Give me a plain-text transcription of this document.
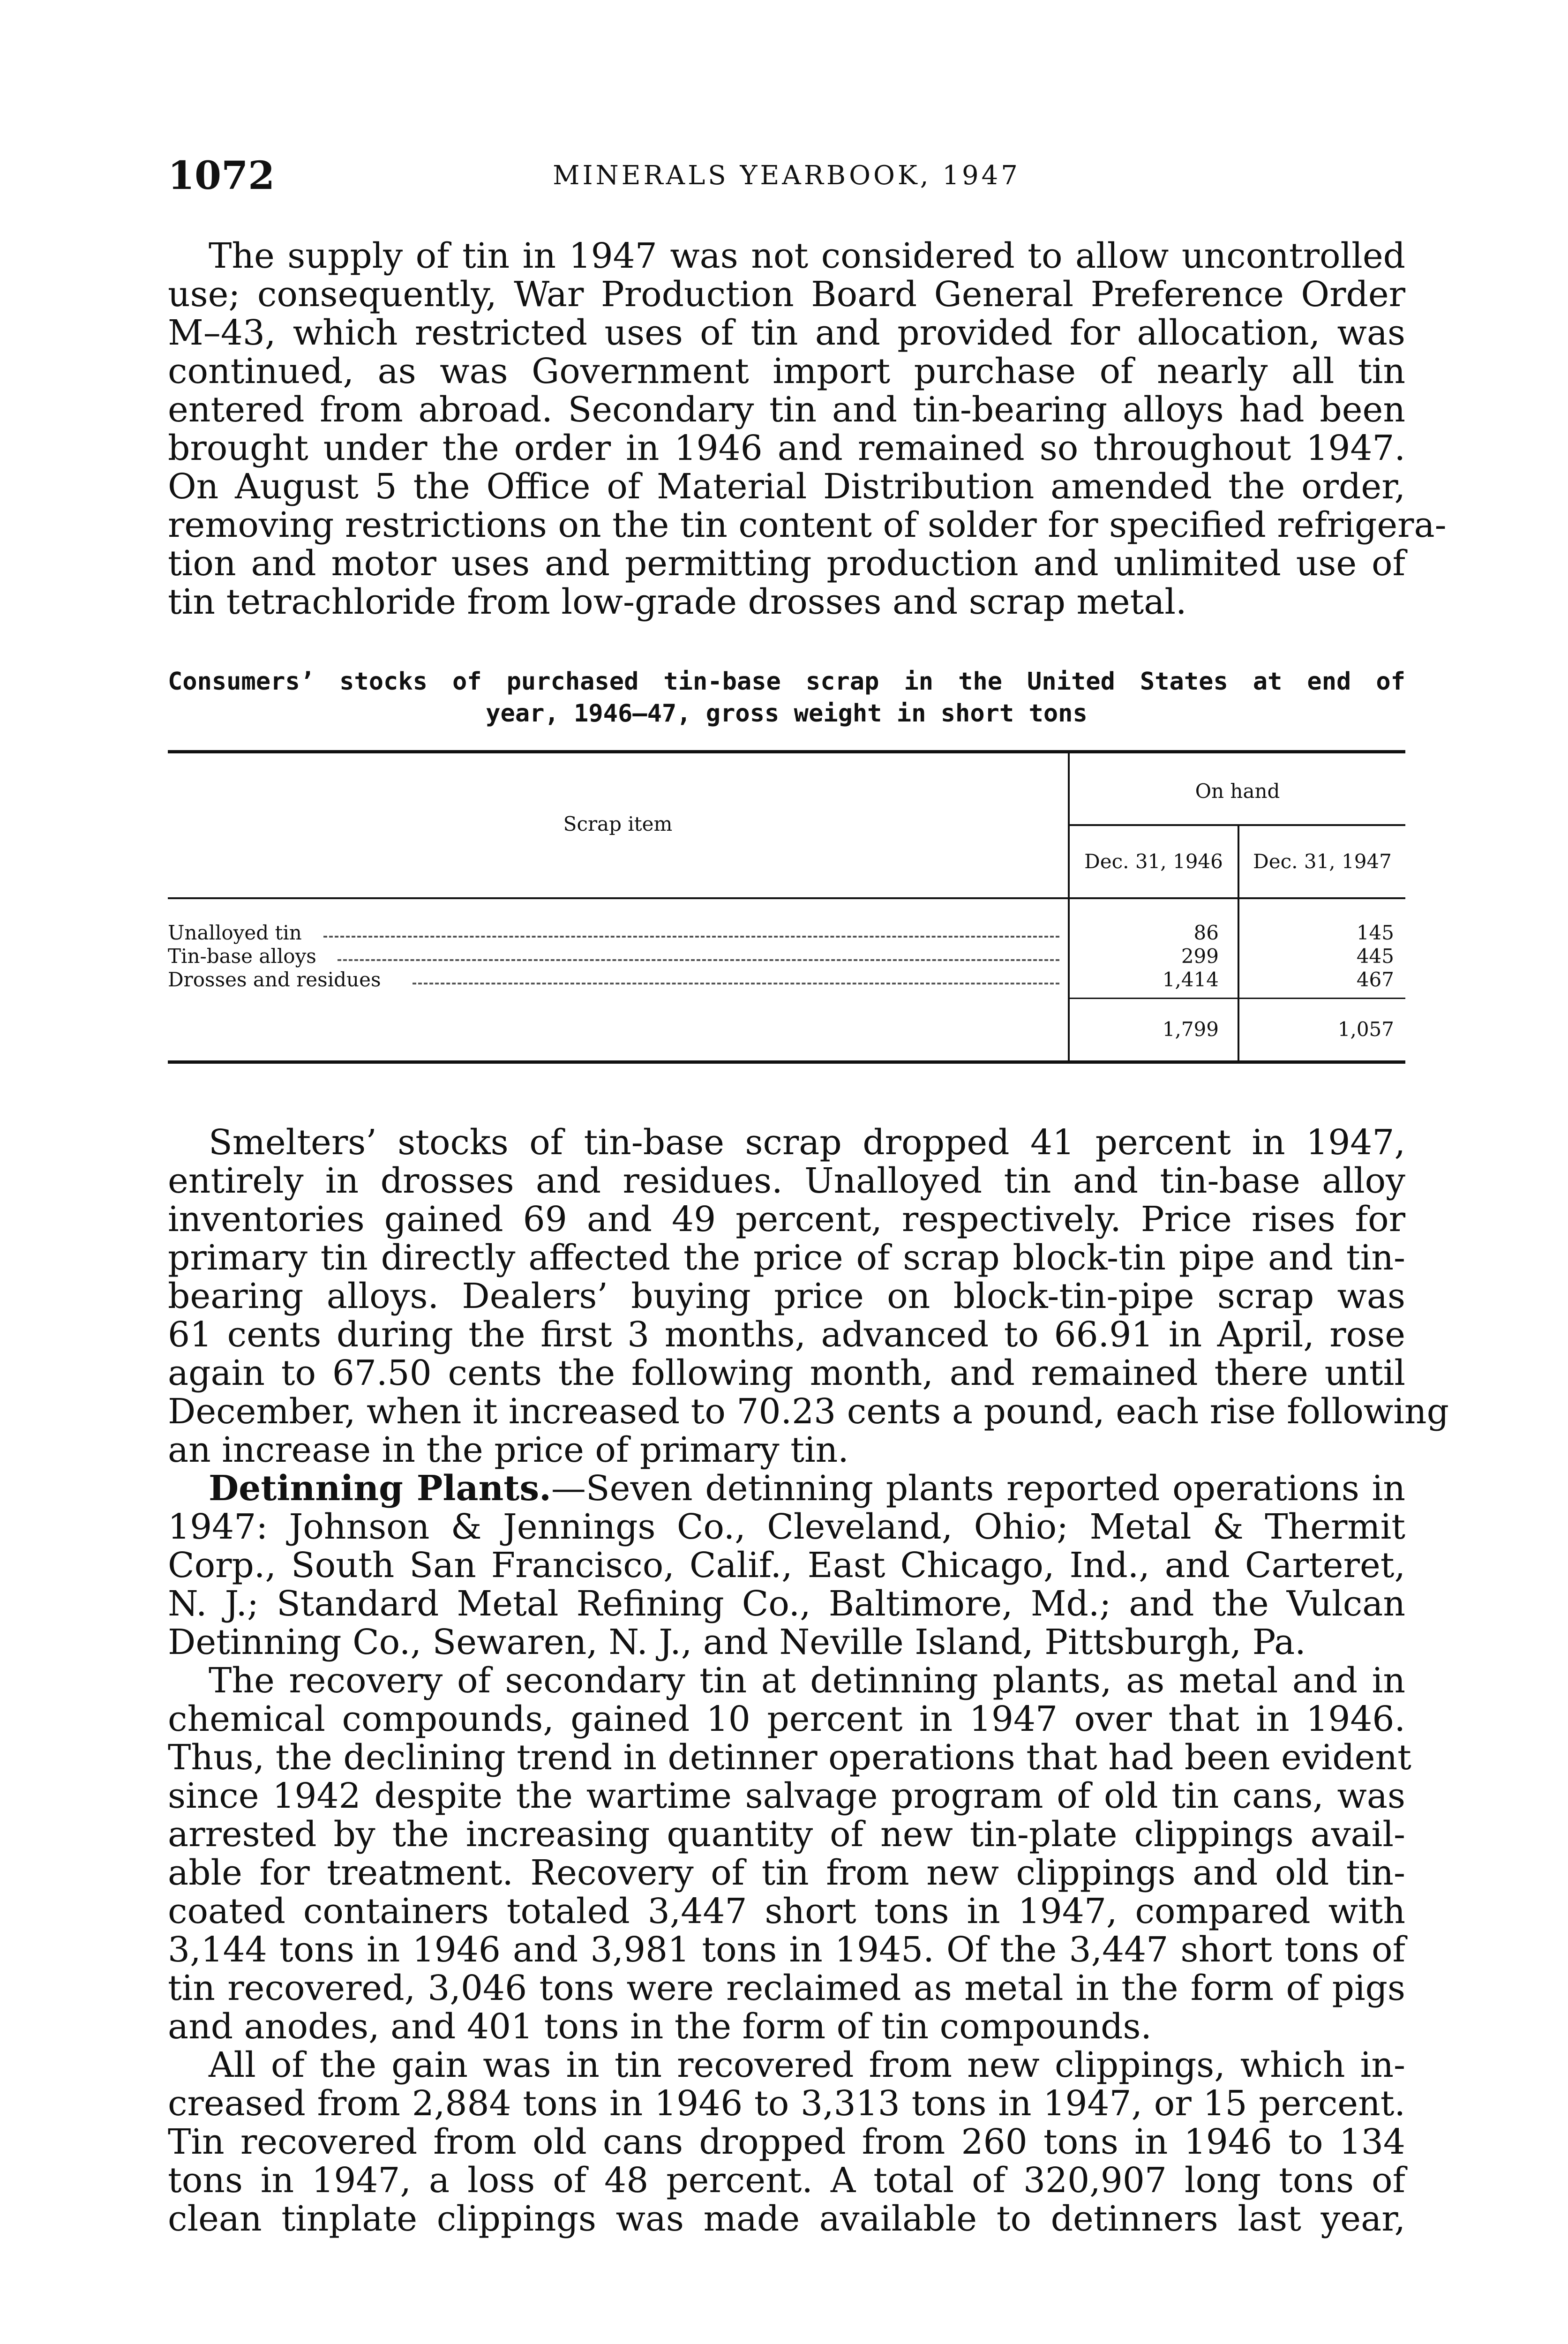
1072	MINERALS YEARBOOK, 1947
The supply of tin in 1947 was not considered to allow uncontrolled
use; consequently, War Production Board General Preference Order
M–43, which restricted uses of tin and provided for allocation, was
continued, as was Government import purchase of nearly all tin
entered from abroad. Secondary tin and tin-bearing alloys had been
brought under the order in 1946 and remained so throughout 1947.
On August 5 the Office of Material Distribution amended the order,
removing restrictions on the tin content of solder for specified refrigera-
tion and motor uses and permitting production and unlimited use of
tin tetrachloride from low-grade drosses and scrap metal.
Consumers’ stocks of purchased tin-base scrap in the United States at end of
year, 1946–47, gross weight in short tons
Scrap item
On hand
Dec. 31, 1946	Dec. 31, 1947
Unalloyed tin	86	145
Tin-base alloys	299	445
Drosses and residues	1,414	467
1,799	1,057
Smelters’ stocks of tin-base scrap dropped 41 percent in 1947,
entirely in drosses and residues. Unalloyed tin and tin-base alloy
inventories gained 69 and 49 percent, respectively. Price rises for
primary tin directly affected the price of scrap block-tin pipe and tin-
bearing alloys. Dealers’ buying price on block-tin-pipe scrap was
61 cents during the first 3 months, advanced to 66.91 in April, rose
again to 67.50 cents the following month, and remained there until
December, when it increased to 70.23 cents a pound, each rise following
an increase in the price of primary tin.
Detinning Plants.—Seven detinning plants reported operations in
1947: Johnson & Jennings Co., Cleveland, Ohio; Metal & Thermit
Corp., South San Francisco, Calif., East Chicago, Ind., and Carteret,
N. J.; Standard Metal Refining Co., Baltimore, Md.; and the Vulcan
Detinning Co., Sewaren, N. J., and Neville Island, Pittsburgh, Pa.
The recovery of secondary tin at detinning plants, as metal and in
chemical compounds, gained 10 percent in 1947 over that in 1946.
Thus, the declining trend in detinner operations that had been evident
since 1942 despite the wartime salvage program of old tin cans, was
arrested by the increasing quantity of new tin-plate clippings avail-
able for treatment. Recovery of tin from new clippings and old tin-
coated containers totaled 3,447 short tons in 1947, compared with
3,144 tons in 1946 and 3,981 tons in 1945. Of the 3,447 short tons of
tin recovered, 3,046 tons were reclaimed as metal in the form of pigs
and anodes, and 401 tons in the form of tin compounds.
All of the gain was in tin recovered from new clippings, which in-
creased from 2,884 tons in 1946 to 3,313 tons in 1947, or 15 percent.
Tin recovered from old cans dropped from 260 tons in 1946 to 134
tons in 1947, a loss of 48 percent. A total of 320,907 long tons of
clean tinplate clippings was made available to detinners last year,
